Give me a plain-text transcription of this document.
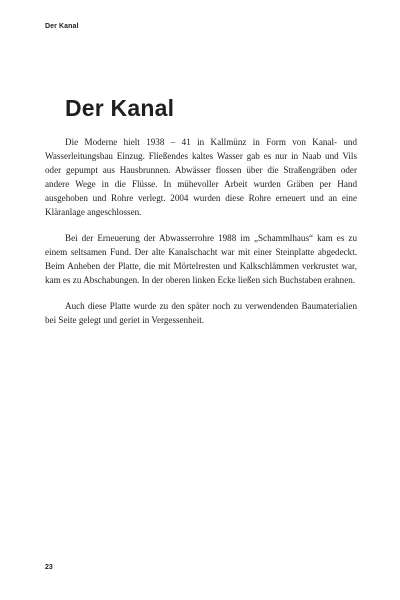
Der Kanal
Der Kanal

Die Moderne hielt 1938 – 41 in Kallmünz in Form von Kanal- und Wasserleitungsbau Einzug. Fließendes kaltes Wasser gab es nur in Naab und Vils oder gepumpt aus Hausbrunnen. Abwässer flossen über die Straßengräben oder andere Wege in die Flüsse. In mühevoller Arbeit wurden Gräben per Hand ausgehoben und Rohre verlegt. 2004 wurden diese Rohre erneuert und an eine Kläranlage angeschlossen.

Bei der Erneuerung der Abwasserrohre 1988 im „Schammlhaus“ kam es zu einem seltsamen Fund. Der alte Kanalschacht war mit einer Steinplatte abgedeckt. Beim Anheben der Platte, die mit Mörtelresten und Kalkschlämmen verkrustet war, kam es zu Abschabungen. In der oberen linken Ecke ließen sich Buchstaben erahnen.

Auch diese Platte wurde zu den später noch zu verwendenden Baumaterialien bei Seite gelegt und geriet in Vergessenheit.

23
